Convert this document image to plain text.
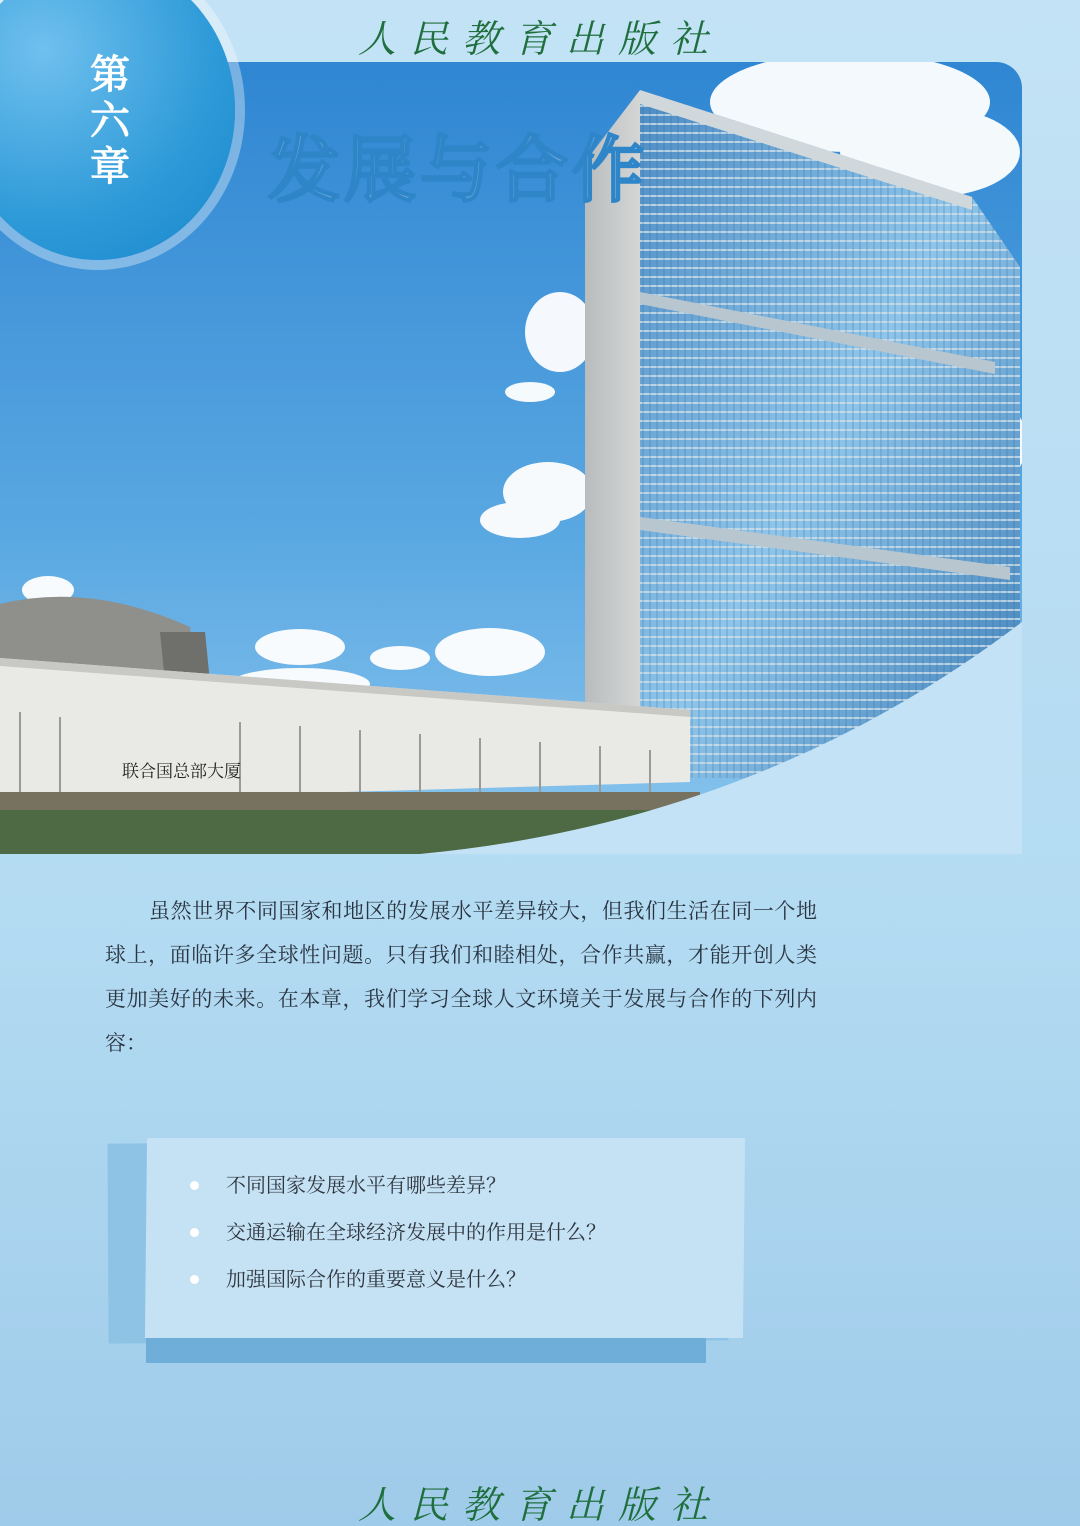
人民教育出版社
第六章 发展与合作
联合国总部大厦

虽然世界不同国家和地区的发展水平差异较大，但我们生活在同一个地球上，面临许多全球性问题。只有我们和睦相处，合作共赢，才能开创人类更加美好的未来。在本章，我们学习全球人文环境关于发展与合作的下列内容：

不同国家发展水平有哪些差异？
交通运输在全球经济发展中的作用是什么？
加强国际合作的重要意义是什么？
人民教育出版社
